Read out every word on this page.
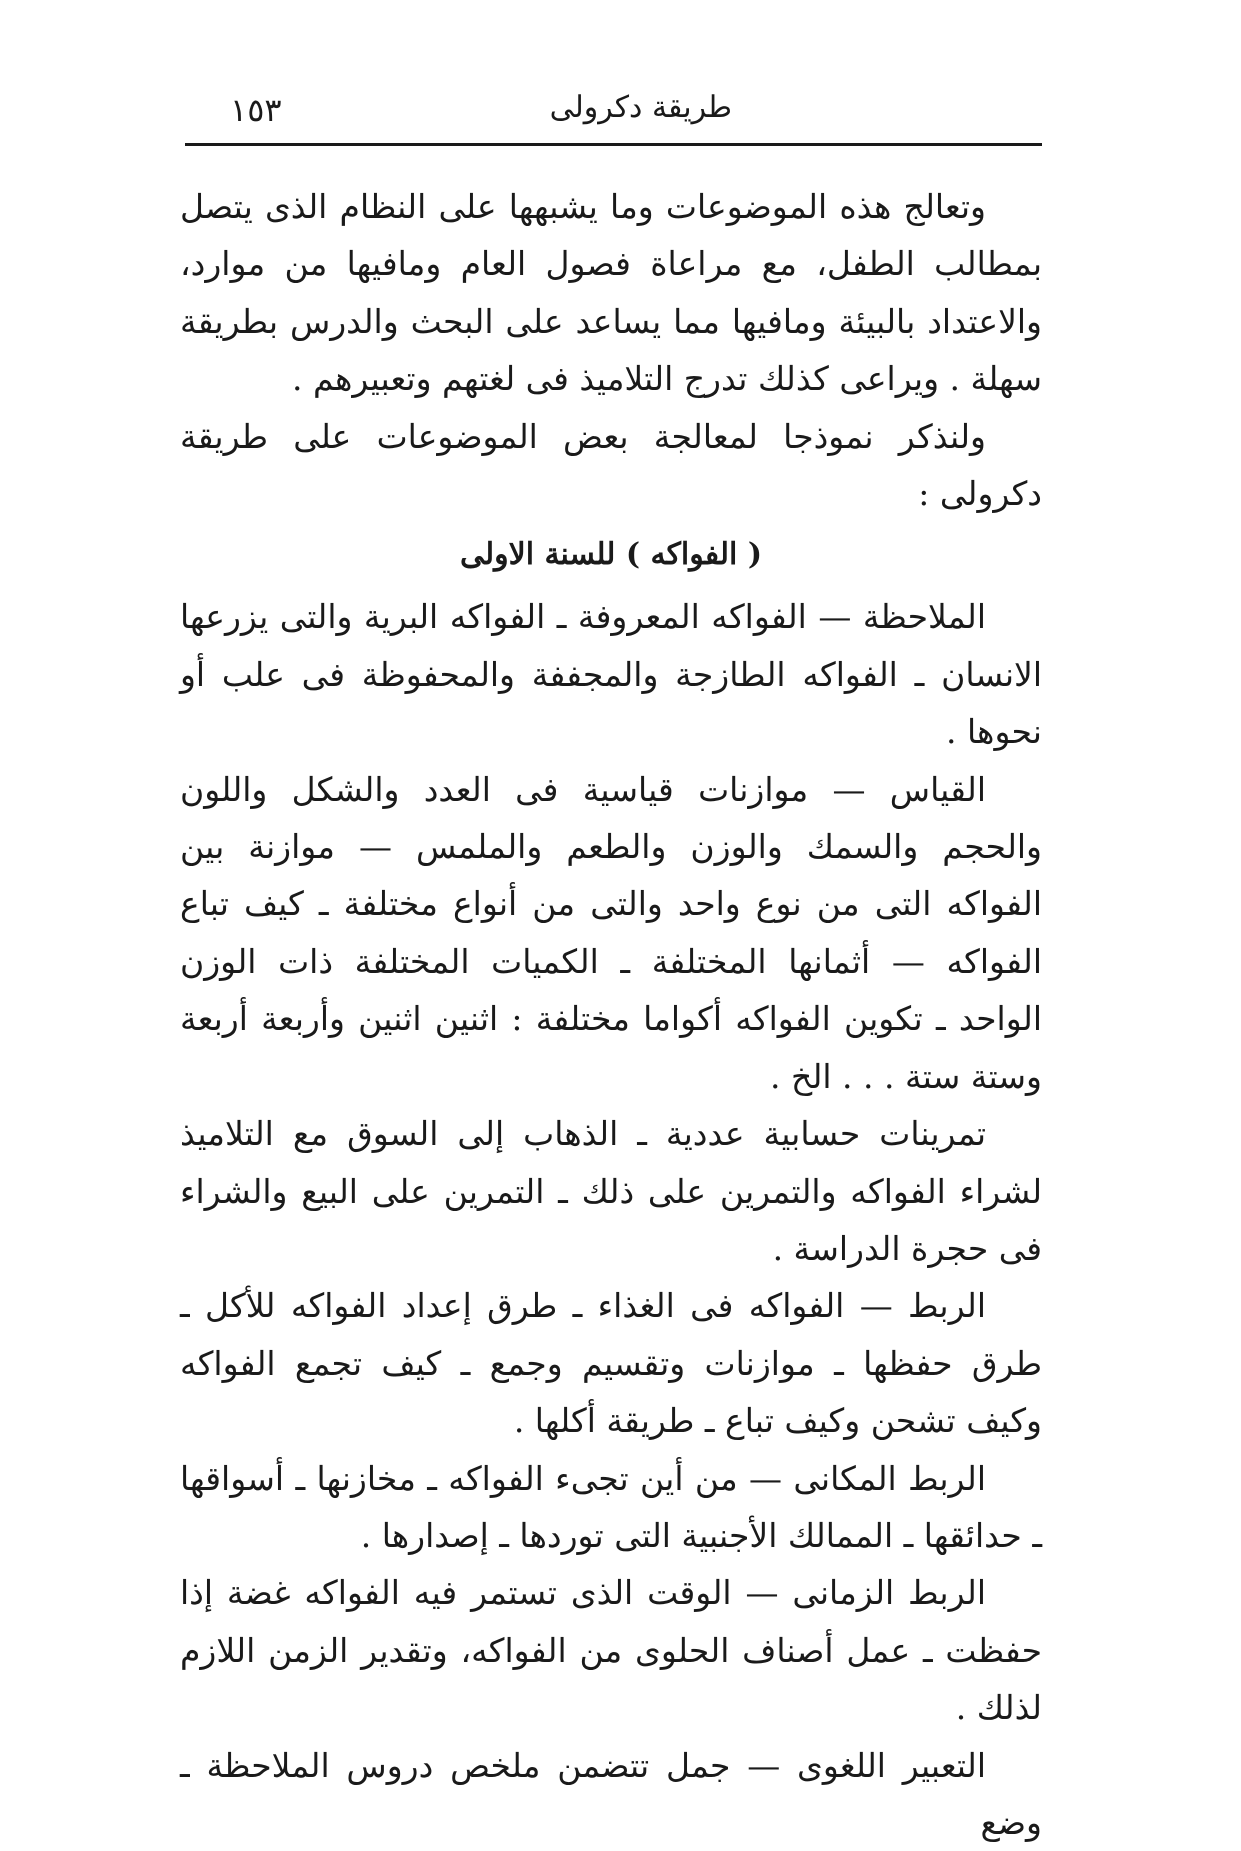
طريقة دكرولى
١٥٣

وتعالج هذه الموضوعات وما يشبهها على النظام الذى يتصل بمطالب الطفل، مع مراعاة فصول العام ومافيها من موارد، والاعتداد بالبيئة ومافيها مما يساعد على البحث والدرس بطريقة سهلة . ويراعى كذلك تدرج التلاميذ فى لغتهم وتعبيرهم .

ولنذكر نموذجا لمعالجة بعض الموضوعات على طريقة دكرولى :

( الفواكه ) للسنة الاولى

الملاحظة — الفواكه المعروفة ـ الفواكه البرية والتى يزرعها الانسان ـ الفواكه الطازجة والمجففة والمحفوظة فى علب أو نحوها .

القياس — موازنات قياسية فى العدد والشكل واللون والحجم والسمك والوزن والطعم والملمس — موازنة بين الفواكه التى من نوع واحد والتى من أنواع مختلفة ـ كيف تباع الفواكه — أثمانها المختلفة ـ الكميات المختلفة ذات الوزن الواحد ـ تكوين الفواكه أكواما مختلفة : اثنين اثنين وأربعة أربعة وستة ستة . . . الخ .

تمرينات حسابية عددية ـ الذهاب إلى السوق مع التلاميذ لشراء الفواكه والتمرين على ذلك ـ التمرين على البيع والشراء فى حجرة الدراسة .

الربط — الفواكه فى الغذاء ـ طرق إعداد الفواكه للأكل ـ طرق حفظها ـ موازنات وتقسيم وجمع ـ كيف تجمع الفواكه وكيف تشحن وكيف تباع ـ طريقة أكلها .

الربط المكانى — من أين تجىء الفواكه ـ مخازنها ـ أسواقها ـ حدائقها ـ الممالك الأجنبية التى توردها ـ إصدارها .

الربط الزمانى — الوقت الذى تستمر فيه الفواكه غضة إذا حفظت ـ عمل أصناف الحلوى من الفواكه، وتقدير الزمن اللازم لذلك .

التعبير اللغوى — جمل تتضمن ملخص دروس الملاحظة ـ وضع
